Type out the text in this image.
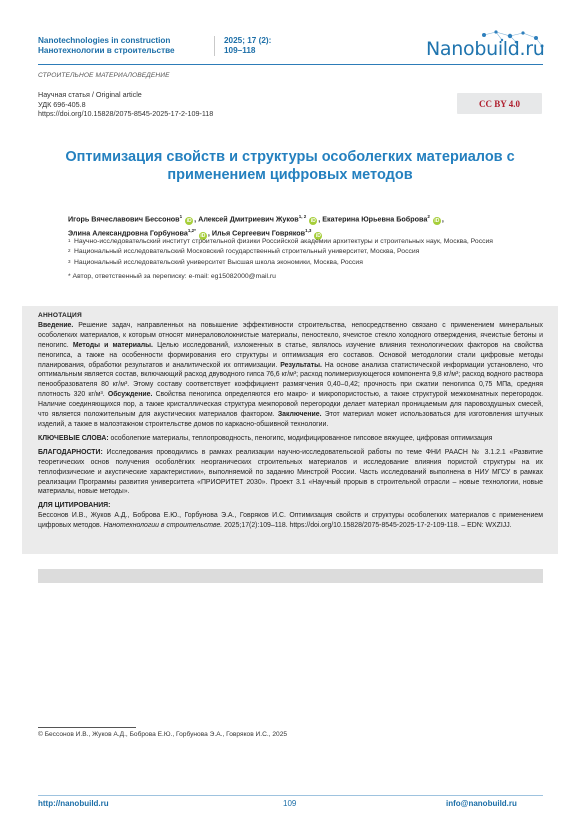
Nanotechnologies in construction
Нанотехнологии в строительстве
2025; 17 (2):
109–118	Nanobuild.ru
СТРОИТЕЛЬНОЕ МАТЕРИАЛОВЕДЕНИЕ
Научная статья / Original article
УДК 696-405.8
https://doi.org/10.15828/2075-8545-2025-17-2-109-118
CC BY 4.0
Оптимизация свойств и структуры особолегких материалов с применением цифровых методов
Игорь Вячеславович Бессонов$^1$ iD , Алексей Дмитриевич Жуков$^{1, 2}$ iD , Екатерина Юрьевна Боброва$^2$ iD ,
Элина Александровна Горбунова$^{1,2*}$ iD , Илья Сергеевич Говряков$^{1,3}$ iD
1 Научно-исследовательский институт строительной физики Российской академии архитектуры и строительных наук, Москва, Россия
2 Национальный исследовательский Московский государственный строительный университет, Москва, Россия
3 Национальный исследовательский университет Высшая школа экономики, Москва, Россия
* Автор, ответственный за переписку: e-mail: eg15082000@mail.ru
АННОТАЦИЯ
Введение. Решение задач, направленных на повышение эффективности строительства, непосредственно связано с применением минеральных особолегких материалов, к которым относят минераловолокнистые материалы, пеностекло, ячеистое стекло холодного отверждения, ячеистые бетоны и пеногипс. Методы и материалы. Целью исследований, изложенных в статье, являлось изучение влияния технологических факторов на свойства пеногипса, а также на особенности формирования его структуры и оптимизация его составов. Основой методологии стали цифровые методы планирования, обработки результатов и аналитической их оптимизации. Результаты. На основе анализа статистической информации установлено, что оптимальным является состав, включающий расход двуводного гипса 76,6 кг/м³; расход полимеризующегося компонента 9,8 кг/м³; расход водного раствора пенообразователя 80 кг/м³. Этому составу соответствует коэффициент размягчения 0,40–0,42; прочность при сжатии пеногипса 0,75 МПа, средняя плотность 320 кг/м³. Обсуждение. Свойства пеногипса определяются его макро- и микропористостью, а также структурой межкомнатных перегородок. Наличие соединяющихся пор, а также кристаллическая структура межпоровой перегородки делает материал проницаемым для паровоздушных смесей, что является положительным для акустических материалов фактором. Заключение. Этот материал может использоваться для изготовления штучных изделий, а также в малоэтажном строительстве домов по каркасно-обшивной технологии.
КЛЮЧЕВЫЕ СЛОВА: особолегкие материалы, теплопроводность, пеногипс, модифицированное гипсовое вяжущее, цифровая оптимизация
БЛАГОДАРНОСТИ: Исследования проводились в рамках реализации научно-исследовательской работы по теме ФНИ РААСН № 3.1.2.1 «Развитие теоретических основ получения особолёгких неорганических строительных материалов и исследование влияния пористой структуры на их теплофизические и акустические характеристики», выполняемой по заданию Минстрой России. Часть исследований выполнена в НИУ МГСУ в рамках реализации Программы развития университета «ПРИОРИТЕТ 2030». Проект 3.1 «Научный прорыв в строительной отрасли – новые технологии, новые материалы, новые методы».
ДЛЯ ЦИТИРОВАНИЯ:
Бессонов И.В., Жуков А.Д., Боброва Е.Ю., Горбунова Э.А., Говряков И.С. Оптимизация свойств и структуры особолегких материалов с применением цифровых методов. Нанотехнологии в строительстве. 2025;17(2):109–118. https://doi.org/10.15828/2075-8545-2025-17-2-109-118. – EDN: WXZIJJ.
© Бессонов И.В., Жуков А.Д., Боброва Е.Ю., Горбунова Э.А., Говряков И.С., 2025
http://nanobuild.ru	109	info@nanobuild.ru
